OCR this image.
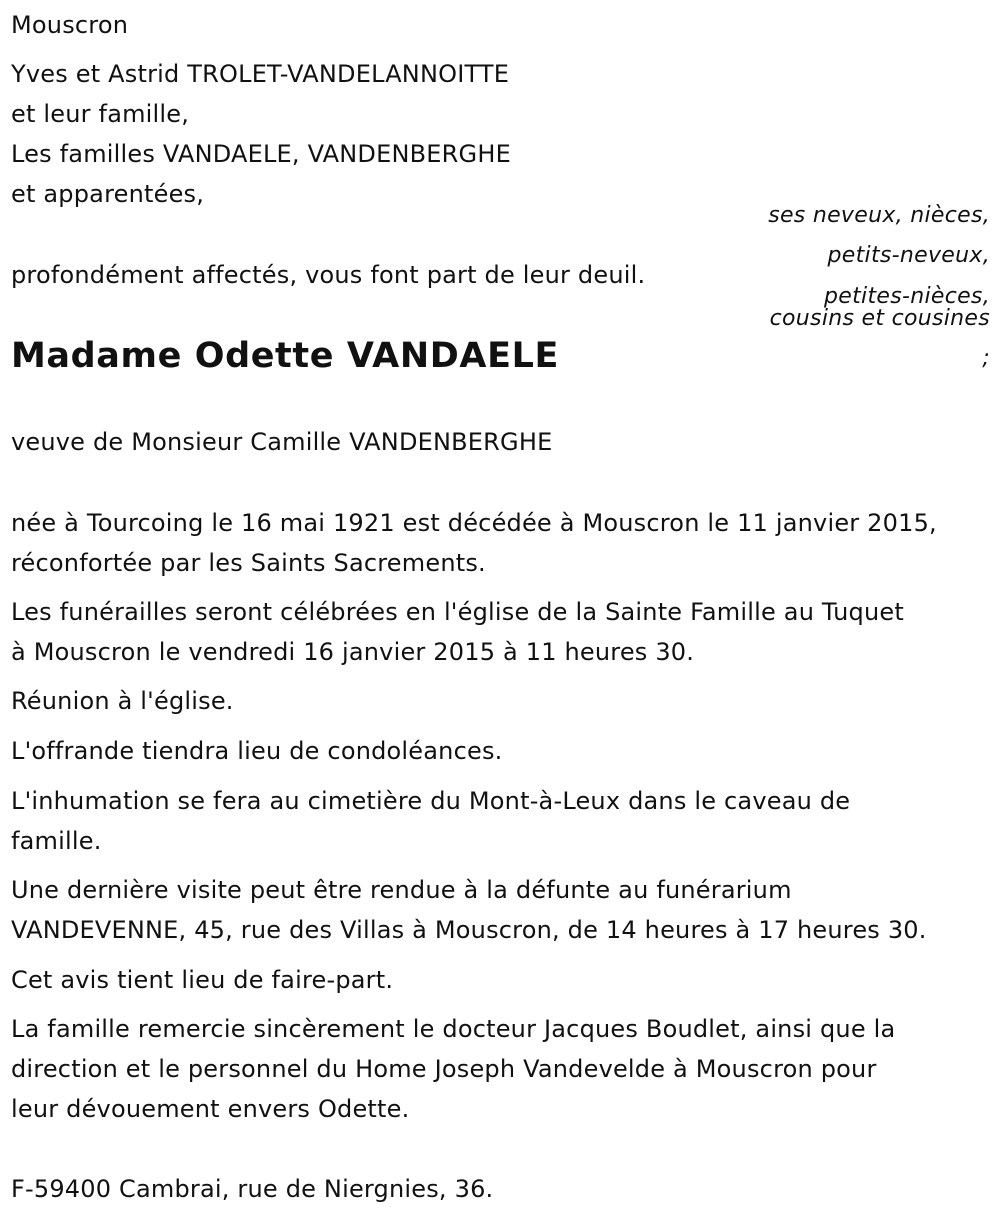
Mouscron
Yves et Astrid TROLET-VANDELANNOITTE
et leur famille,
Les familles VANDAELE, VANDENBERGHE
et apparentées,
ses neveux, nièces,
petits-neveux,
petites-nièces,
cousins et cousines
;
profondément affectés, vous font part de leur deuil.
Madame Odette VANDAELE
veuve de Monsieur Camille VANDENBERGHE
née à Tourcoing le 16 mai 1921 est décédée à Mouscron le 11 janvier 2015,
réconfortée par les Saints Sacrements.
Les funérailles seront célébrées en l'église de la Sainte Famille au Tuquet
à Mouscron le vendredi 16 janvier 2015 à 11 heures 30.
Réunion à l'église.
L'offrande tiendra lieu de condoléances.
L'inhumation se fera au cimetière du Mont-à-Leux dans le caveau de
famille.
Une dernière visite peut être rendue à la défunte au funérarium
VANDEVENNE, 45, rue des Villas à Mouscron, de 14 heures à 17 heures 30.
Cet avis tient lieu de faire-part.
La famille remercie sincèrement le docteur Jacques Boudlet, ainsi que la
direction et le personnel du Home Joseph Vandevelde à Mouscron pour
leur dévouement envers Odette.
F-59400 Cambrai, rue de Niergnies, 36.
